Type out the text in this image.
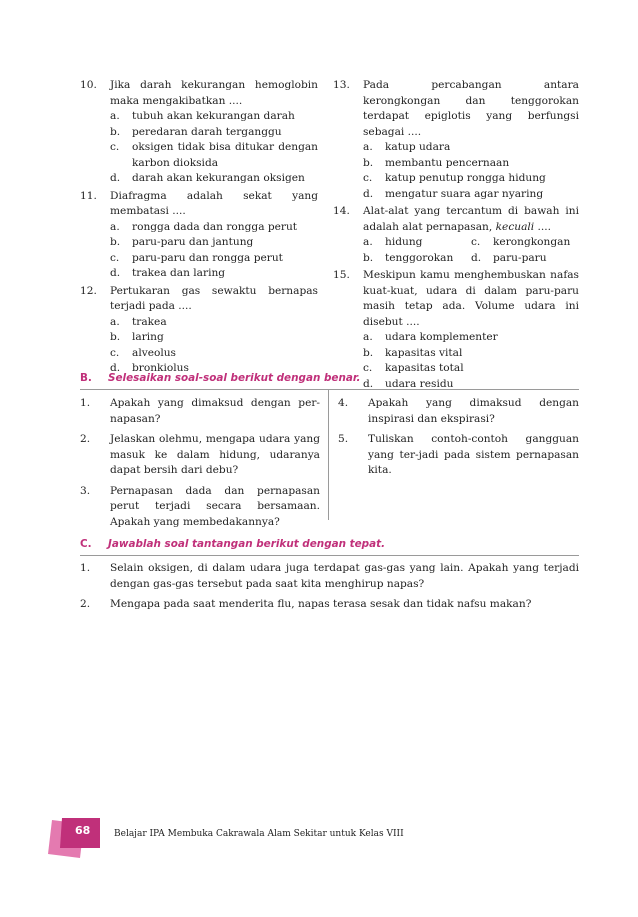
10. Jika darah kekurangan hemoglobin maka mengakibatkan ....
a. tubuh akan kekurangan darah
b. peredaran darah terganggu
c. oksigen tidak bisa ditukar dengan karbon dioksida
d. darah akan kekurangan oksigen
11. Diafragma adalah sekat yang membatasi ....
a. rongga dada dan rongga perut
b. paru-paru dan jantung
c. paru-paru dan rongga perut
d. trakea dan laring
12. Pertukaran gas sewaktu bernapas terjadi pada ....
a. trakea
b. laring
c. alveolus
d. bronkiolus
13. Pada percabangan antara kerongkongan dan tenggorokan terdapat epiglotis yang berfungsi sebagai ....
a. katup udara
b. membantu pencernaan
c. katup penutup rongga hidung
d. mengatur suara agar nyaring
14. Alat-alat yang tercantum di bawah ini adalah alat pernapasan, kecuali ....
a. hidung	c. kerongkongan
b. tenggorokan	d. paru-paru
15. Meskipun kamu menghembuskan nafas kuat-kuat, udara di dalam paru-paru masih tetap ada. Volume udara ini disebut ....
a. udara komplementer
b. kapasitas vital
c. kapasitas total
d. udara residu
B. Selesaikan soal-soal berikut dengan benar.
1. Apakah yang dimaksud dengan per-napasan?
2. Jelaskan olehmu, mengapa udara yang masuk ke dalam hidung, udaranya dapat bersih dari debu?
3. Pernapasan dada dan pernapasan perut terjadi secara bersamaan. Apakah yang membedakannya?
4. Apakah yang dimaksud dengan inspirasi dan ekspirasi?
5. Tuliskan contoh-contoh gangguan yang ter-jadi pada sistem pernapasan kita.
C. Jawablah soal tantangan berikut dengan tepat.
1. Selain oksigen, di dalam udara juga terdapat gas-gas yang lain. Apakah yang terjadi dengan gas-gas tersebut pada saat kita menghirup napas?
2. Mengapa pada saat menderita flu, napas terasa sesak dan tidak nafsu makan?
68	Belajar IPA Membuka Cakrawala Alam Sekitar untuk Kelas VIII
